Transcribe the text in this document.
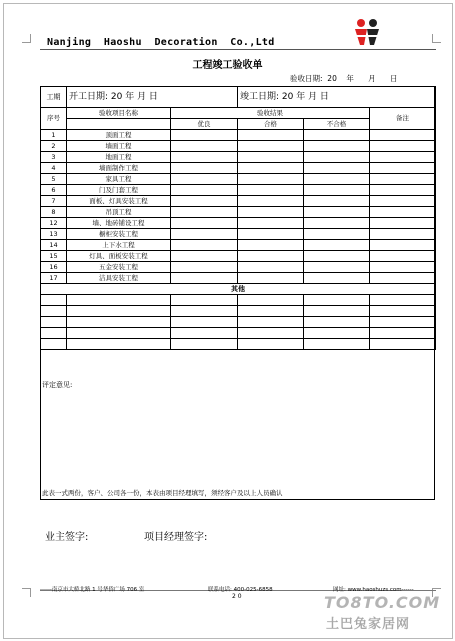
Nanjing  Haoshu  Decoration  Co.,Ltd
工程竣工验收单
验收日期:  20    年      月      日
工期	开工日期: 20 年 月 日		竣工日期: 20 年 月 日		
序号	验收项目名称	验收结果			备注
		优良	合格	不合格	
1	顶面工程				
2	墙面工程				
3	地面工程				
4	墙面制作工程				
5	家具工程				
6	门及门套工程				
7	面板、灯具安装工程				
8	吊顶工程				
12	墙、地砖铺设工程				
13	橱柜安装工程				
14	上下水工程				
15	灯具、面板安装工程				
16	五金安装工程				
17	洁具安装工程				
其他					

评定意见:
此表一式两份，客户、公司各一份，本表由项目经理填写，须经客户及以上人员确认
业主签字:	项目经理签字:
------南京市大桥北路 1 号华侨广场 706 室	联系电话: 400-025-6858	网址: www.haoshuzs.com------
2 0	TO8TO.COM
土巴兔家居网
